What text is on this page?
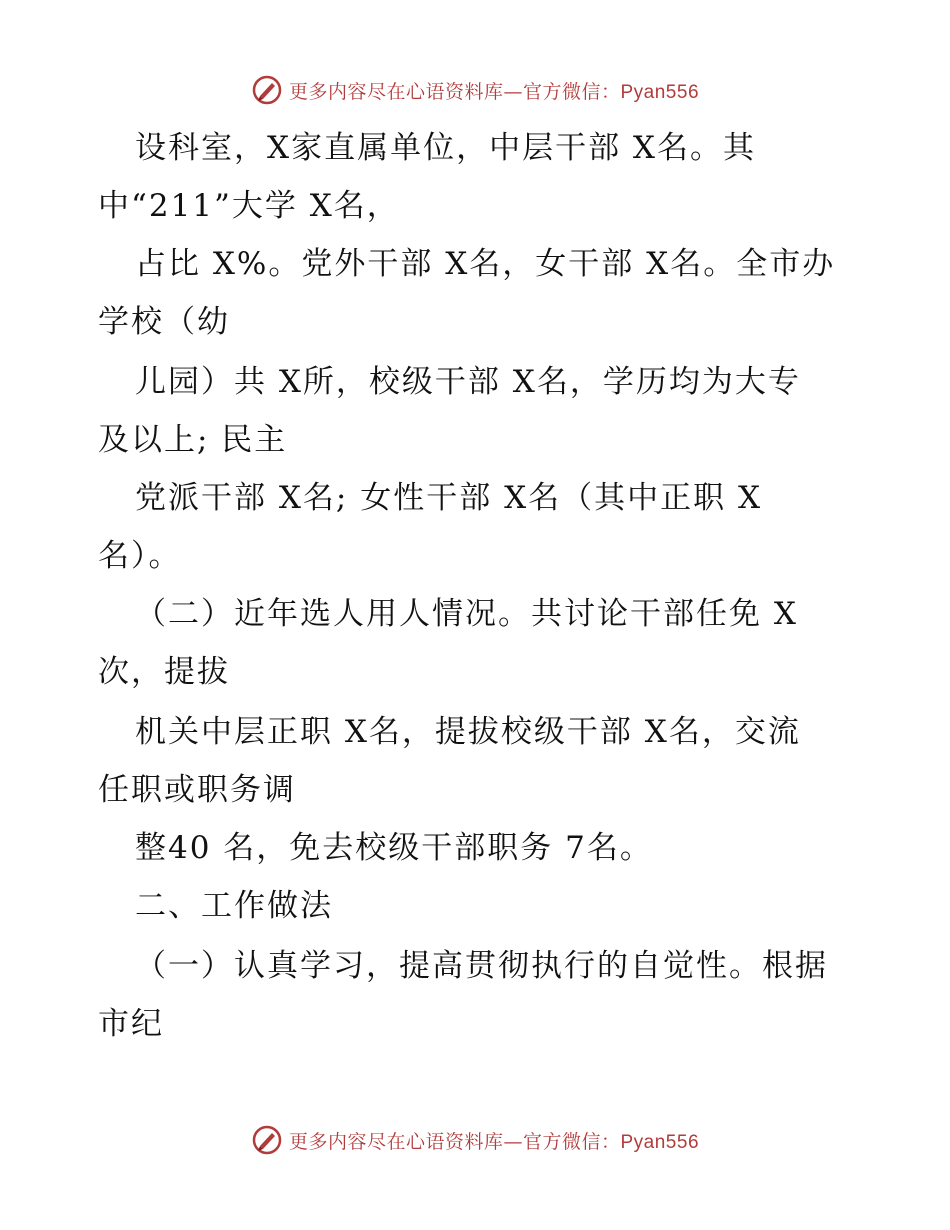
更多内容尽在心语资料库—官方微信：Pyan556
设科室，X家直属单位，中层干部 X名。其
中“211”大学 X名，
占比 X%。党外干部 X名，女干部 X名。全市办
学校（幼
儿园）共 X所，校级干部 X名，学历均为大专
及以上; 民主
党派干部 X名; 女性干部 X名（其中正职 X
名）。
（二）近年选人用人情况。共讨论干部任免 X
次，提拔
机关中层正职 X名，提拔校级干部 X名，交流
任职或职务调
整40 名，免去校级干部职务 7名。
二、工作做法
（一）认真学习，提高贯彻执行的自觉性。根据
市纪
更多内容尽在心语资料库—官方微信：Pyan556
